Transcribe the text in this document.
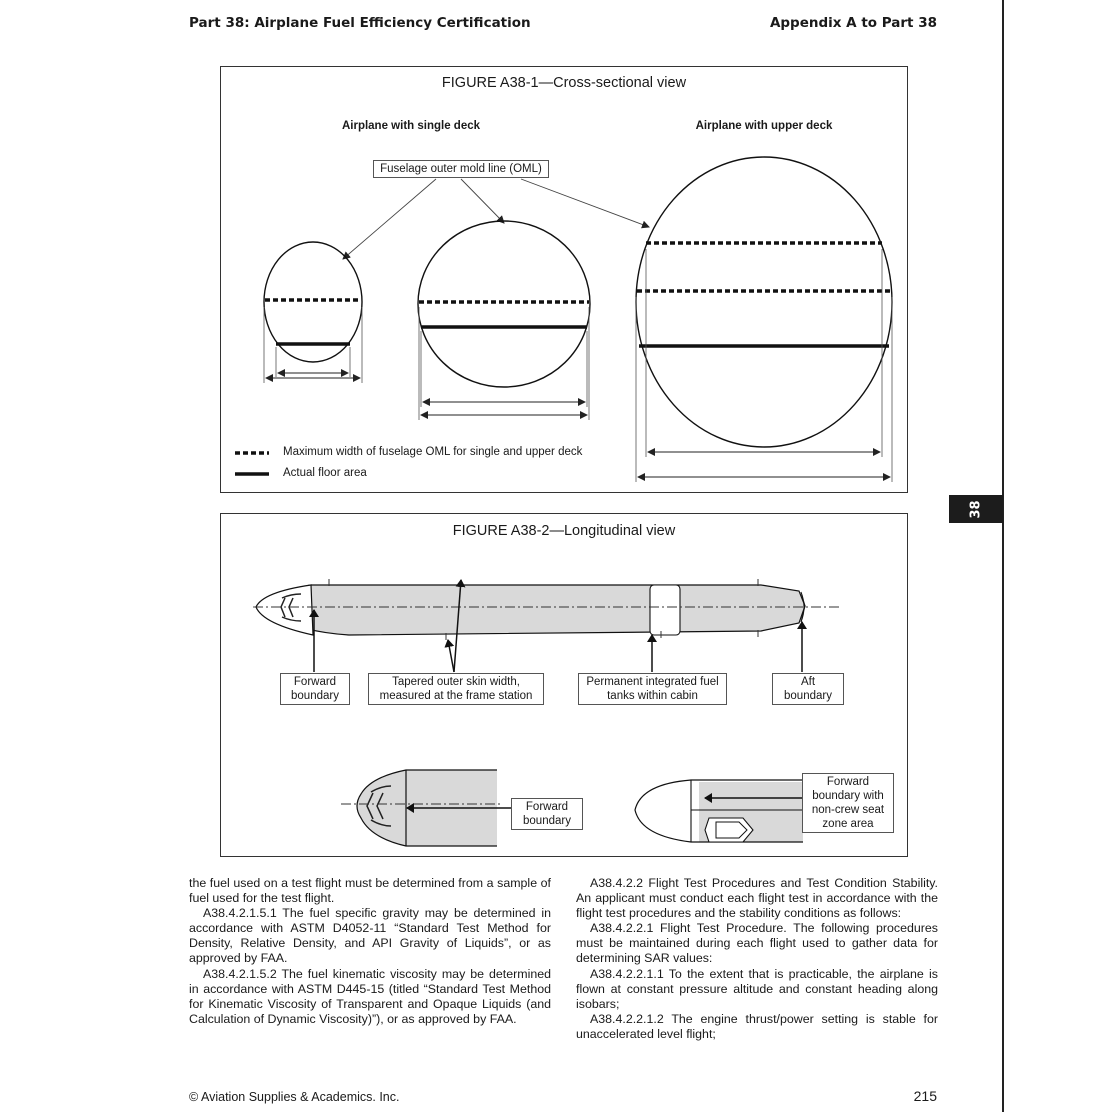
Part 38: Airplane Fuel Efficiency Certification	Appendix A to Part 38
38
FIGURE A38-1—Cross-sectional view
Airplane with single deck	Airplane with upper deck
Fuselage outer mold line (OML)
Maximum width of fuselage OML for single and upper deck
Actual floor area
FIGURE A38-2—Longitudinal view
Forward
boundary
Tapered outer skin width,
measured at the frame station
Permanent integrated fuel
tanks within cabin
Aft
boundary
Forward
boundary
Forward
boundary with
non-crew seat
zone area

the fuel used on a test flight must be determined from a sample of fuel used for the test flight.

A38.4.2.1.5.1 The fuel specific gravity may be determined in accordance with ASTM D4052-11 “Standard Test Method for Density, Relative Density, and API Gravity of Liquids”, or as approved by FAA.

A38.4.2.1.5.2 The fuel kinematic viscosity may be determined in accordance with ASTM D445-15 (titled “Standard Test Method for Kinematic Viscosity of Transparent and Opaque Liquids (and Calculation of Dynamic Viscosity)”), or as approved by FAA.

A38.4.2.2 Flight Test Procedures and Test Condition Stability. An applicant must conduct each flight test in accordance with the flight test procedures and the stability conditions as follows:

A38.4.2.2.1 Flight Test Procedure. The following procedures must be maintained during each flight used to gather data for determining SAR values:

A38.4.2.2.1.1 To the extent that is practicable, the airplane is flown at constant pressure altitude and constant heading along isobars;

A38.4.2.2.1.2 The engine thrust/power setting is stable for unaccelerated level flight;

© Aviation Supplies & Academics. Inc.	215
